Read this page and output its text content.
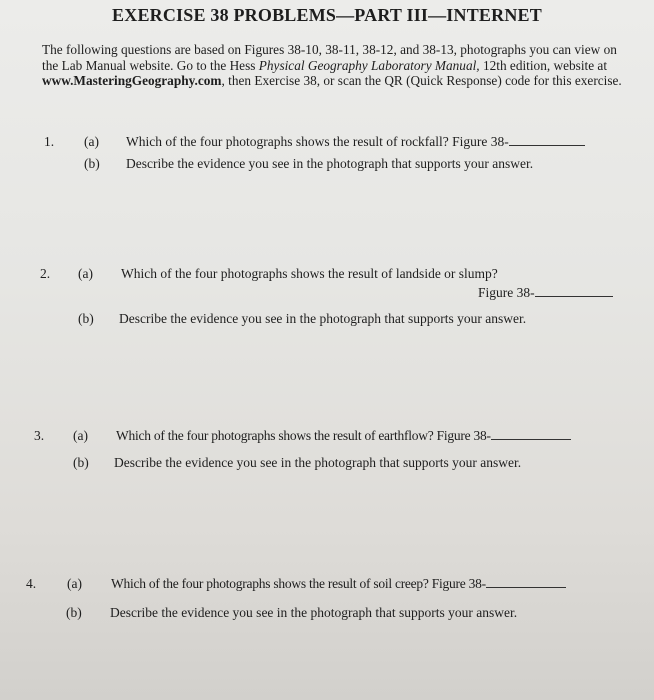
EXERCISE 38 PROBLEMS—PART III—INTERNET
The following questions are based on Figures 38-10, 38-11, 38-12, and 38-13, photographs you can view on the Lab Manual website. Go to the Hess Physical Geography Laboratory Manual, 12th edition, website at www.MasteringGeography.com, then Exercise 38, or scan the QR (Quick Response) code for this exercise.
1. (a) Which of the four photographs shows the result of rockfall? Figure 38-
(b) Describe the evidence you see in the photograph that supports your answer.
2. (a) Which of the four photographs shows the result of landside or slump?
Figure 38-
(b) Describe the evidence you see in the photograph that supports your answer.
3. (a) Which of the four photographs shows the result of earthflow? Figure 38-
(b) Describe the evidence you see in the photograph that supports your answer.
4. (a) Which of the four photographs shows the result of soil creep? Figure 38-
(b) Describe the evidence you see in the photograph that supports your answer.
